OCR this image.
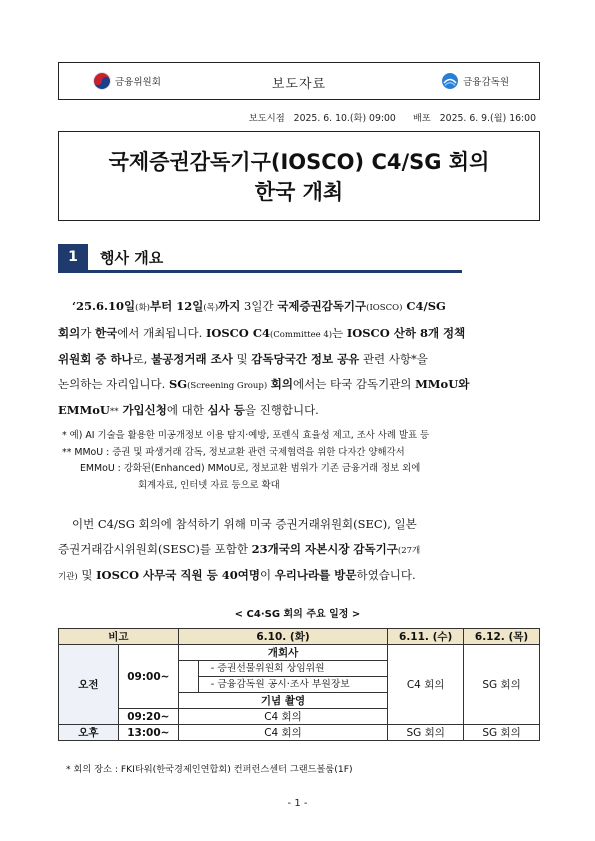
금융위원회	보도자료	금융감독원
보도시점 2025. 6. 10.(화) 09:00 배포 2025. 6. 9.(월) 16:00
국제증권감독기구(IOSCO) C4/SG 회의
한국 개최
1	행사 개요
‘25.6.10일(화)부터 12일(목)까지 3일간 국제증권감독기구(IOSCO) C4/SG
회의가 한국에서 개최됩니다. IOSCO C4(Committee 4)는 IOSCO 산하 8개 정책
위원회 중 하나로, 불공정거래 조사 및 감독당국간 정보 공유 관련 사항*을
논의하는 자리입니다. SG(Screening Group) 회의에서는 타국 감독기관의 MMoU와
EMMoU** 가입신청에 대한 심사 등을 진행합니다.
* 예) AI 기술을 활용한 미공개정보 이용 탐지·예방, 포렌식 효율성 제고, 조사 사례 발표 등
** MMoU : 증권 및 파생거래 감독, 정보교환 관련 국제협력을 위한 다자간 양해각서
EMMoU : 강화된(Enhanced) MMoU로, 정보교환 범위가 기존 금융거래 정보 외에
회계자료, 인터넷 자료 등으로 확대
이번 C4/SG 회의에 참석하기 위해 미국 증권거래위원회(SEC), 일본
증권거래감시위원회(SESC)를 포함한 23개국의 자본시장 감독기구(27개
기관) 및 IOSCO 사무국 직원 등 40여명이 우리나라를 방문하였습니다.
< C4·SG 회의 주요 일정 >
비고		6.10. (화)		6.11. (수)	6.12. (목)
오전	09:00~	개회사		C4 회의	SG 회의
			- 증권선물위원회 상임위원		
			- 금융감독원 공시·조사 부원장보		
		기념 촬영			
	09:20~	C4 회의			
오후	13:00~	C4 회의		SG 회의	SG 회의
* 회의 장소 : FKI타워(한국경제인연합회) 컨퍼런스센터 그랜드볼룸(1F)
- 1 -
